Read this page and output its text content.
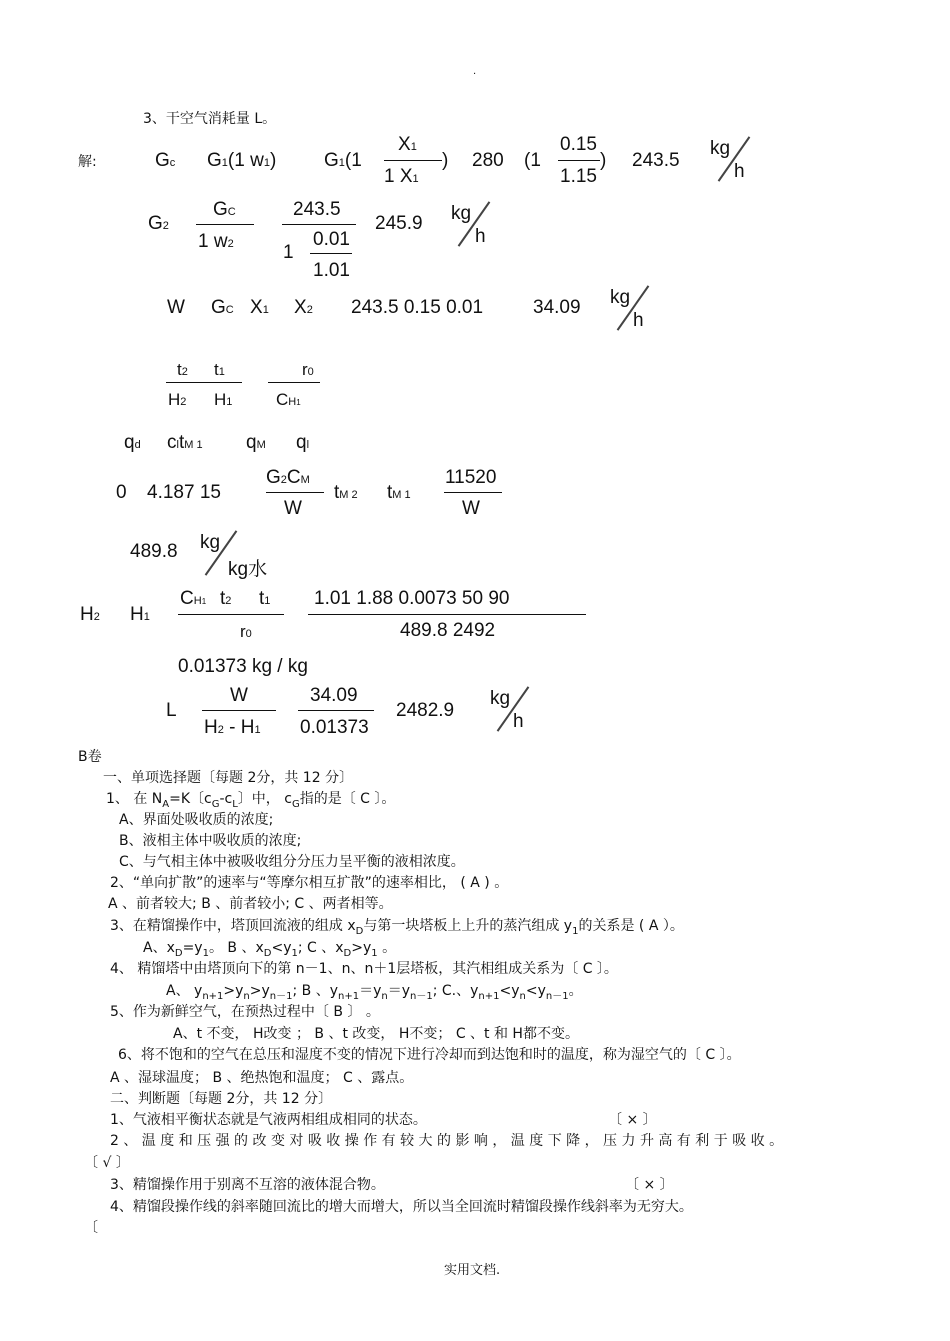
.
3、干空气消耗量 L。
解:	Gc G1(1 w1)	G1(1
X1
1 X1
) 280 (1
0.15
1.15
) 243.5
kg
h
G2
GC
1 w2
243.5
1
0.01
1.01
245.9 kg
h
W GC X1 X2 243.5 0.15 0.01	34.09 kg
h
t2 t1
H2 H1
r0
CH1
qd cltM 1 qM ql
0 4.187 15
G2CM
W
tM 2 tM 1
11520
W
489.8 kg
kg水
H2 H1
CH1 t2 t1
r0
1.01 1.88 0.0073 50 90
489.8 2492
0.01373 kg / kg
L
W
H2 - H1
34.09
0.01373
2482.9
kg
h
B卷
一、单项选择题〔每题 2分，共 12 分〕
1、 在 $N_A=K$〔$c_G-c_L$〕中， $c_G$指的是〔 C 〕。
A、界面处吸收质的浓度;
B、液相主体中吸收质的浓度;
C、与气相主体中被吸收组分分压力呈平衡的液相浓度。
2、“单向扩散”的速率与“等摩尔相互扩散”的速率相比， ( A ) 。
A 、前者较大; B 、前者较小; C 、两者相等。
3、在精馏操作中，塔顶回流液的组成 $x_D$与第一块塔板上上升的蒸汽组成 $y_1$的关系是 ( A ）。
A、$x_D=y_1$。 B 、$x_D<y_1$; C 、$x_D>y_1$ 。
4、 精馏塔中由塔顶向下的第 n－1、n、n＋1层塔板，其汽相组成关系为〔 C 〕。
A、 $y_{n+1}>y_n>y_{n-1}$; B 、$y_{n+1}=y_n=y_{n-1}$; C.、$y_{n+1}<y_n<y_{n-1}$。
5、作为新鲜空气，在预热过程中〔 B 〕 。
A、t 不变， H改变 ； B 、t 改变， H不变； C 、t 和 H都不变。
6、将不饱和的空气在总压和湿度不变的情况下进行冷却而到达饱和时的温度，称为湿空气的〔 C 〕。
A 、湿球温度； B 、绝热饱和温度； C 、露点。
二、判断题〔每题 2分，共 12 分〕
1、气液相平衡状态就是气液两相组成相同的状态。	〔 × 〕
2 、 温 度 和 压 强 的 改 变 对 吸 收 操 作 有 较 大 的 影 响 ， 温 度 下 降 ， 压 力 升 高 有 利 于 吸 收 。
〔 √ 〕
3、精馏操作用于别离不互溶的液体混合物。	〔 × 〕
4、精馏段操作线的斜率随回流比的增大而增大，所以当全回流时精馏段操作线斜率为无穷大。
〔
实用文档.
